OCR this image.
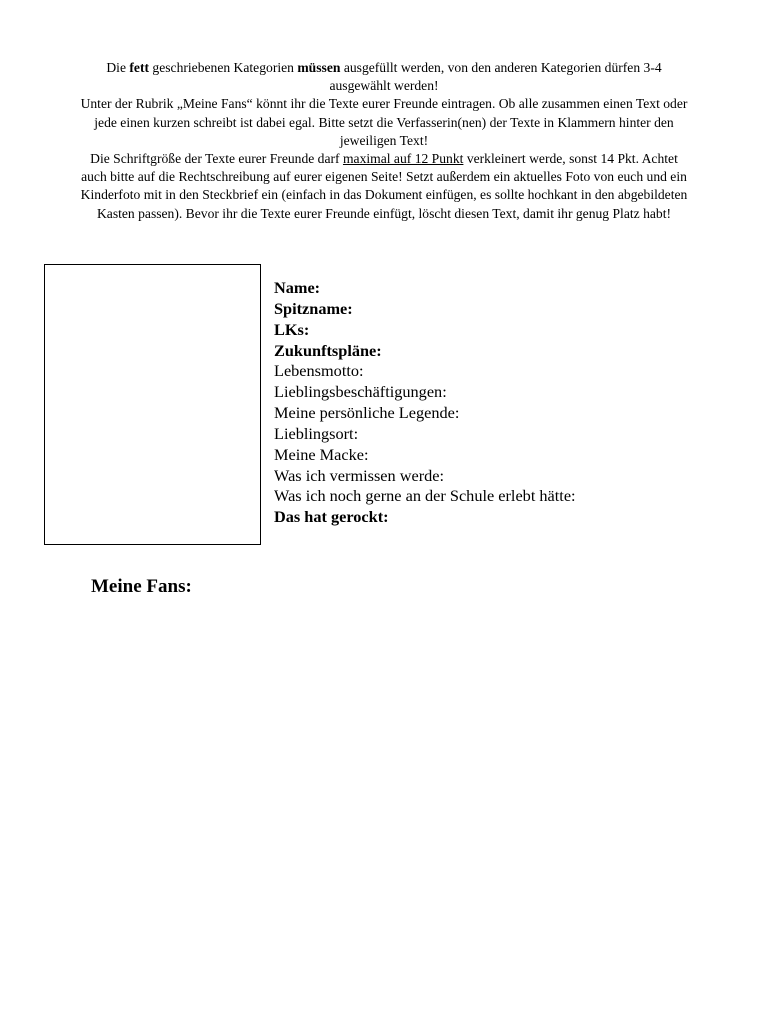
Die fett geschriebenen Kategorien müssen ausgefüllt werden, von den anderen Kategorien dürfen 3-4 ausgewählt werden!
Unter der Rubrik „Meine Fans“ könnt ihr die Texte eurer Freunde eintragen. Ob alle zusammen einen Text oder jede einen kurzen schreibt ist dabei egal. Bitte setzt die Verfasserin(nen) der Texte in Klammern hinter den jeweiligen Text!
Die Schriftgröße der Texte eurer Freunde darf maximal auf 12 Punkt verkleinert werde, sonst 14 Pkt. Achtet auch bitte auf die Rechtschreibung auf eurer eigenen Seite! Setzt außerdem ein aktuelles Foto von euch und ein Kinderfoto mit in den Steckbrief ein (einfach in das Dokument einfügen, es sollte hochkant in den abgebildeten Kasten passen). Bevor ihr die Texte eurer Freunde einfügt, löscht diesen Text, damit ihr genug Platz habt!
Name:
Spitzname:
LKs:
Zukunftspläne:
Lebensmotto:
Lieblingsbeschäftigungen:
Meine persönliche Legende:
Lieblingsort:
Meine Macke:
Was ich vermissen werde:
Was ich noch gerne an der Schule erlebt hätte:
Das hat gerockt:
Meine Fans:
